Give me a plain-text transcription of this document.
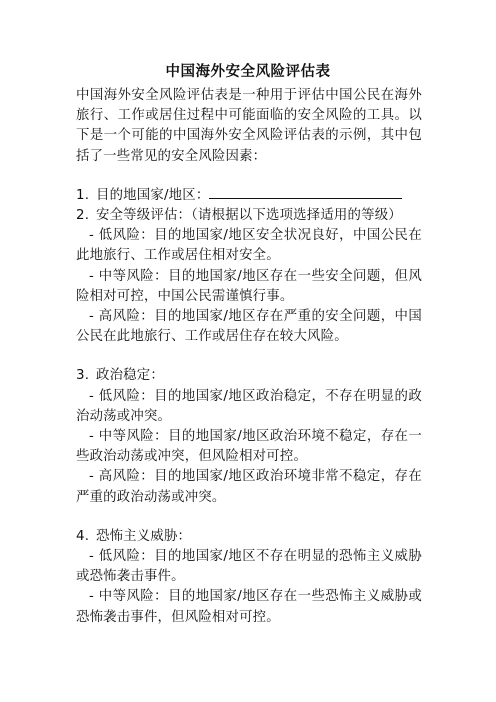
中国海外安全风险评估表

中国海外安全风险评估表是一种用于评估中国公民在海外旅行、工作或居住过程中可能面临的安全风险的工具。以下是一个可能的中国海外安全风险评估表的示例，其中包括了一些常见的安全风险因素：

1. 目的地国家/地区：

2. 安全等级评估：（请根据以下选项选择适用的等级）

- 低风险：目的地国家/地区安全状况良好，中国公民在此地旅行、工作或居住相对安全。

- 中等风险：目的地国家/地区存在一些安全问题，但风险相对可控，中国公民需谨慎行事。

- 高风险：目的地国家/地区存在严重的安全问题，中国公民在此地旅行、工作或居住存在较大风险。

3. 政治稳定：

- 低风险：目的地国家/地区政治稳定，不存在明显的政治动荡或冲突。

- 中等风险：目的地国家/地区政治环境不稳定，存在一些政治动荡或冲突，但风险相对可控。

- 高风险：目的地国家/地区政治环境非常不稳定，存在严重的政治动荡或冲突。

4. 恐怖主义威胁：

- 低风险：目的地国家/地区不存在明显的恐怖主义威胁或恐怖袭击事件。

- 中等风险：目的地国家/地区存在一些恐怖主义威胁或恐怖袭击事件，但风险相对可控。
